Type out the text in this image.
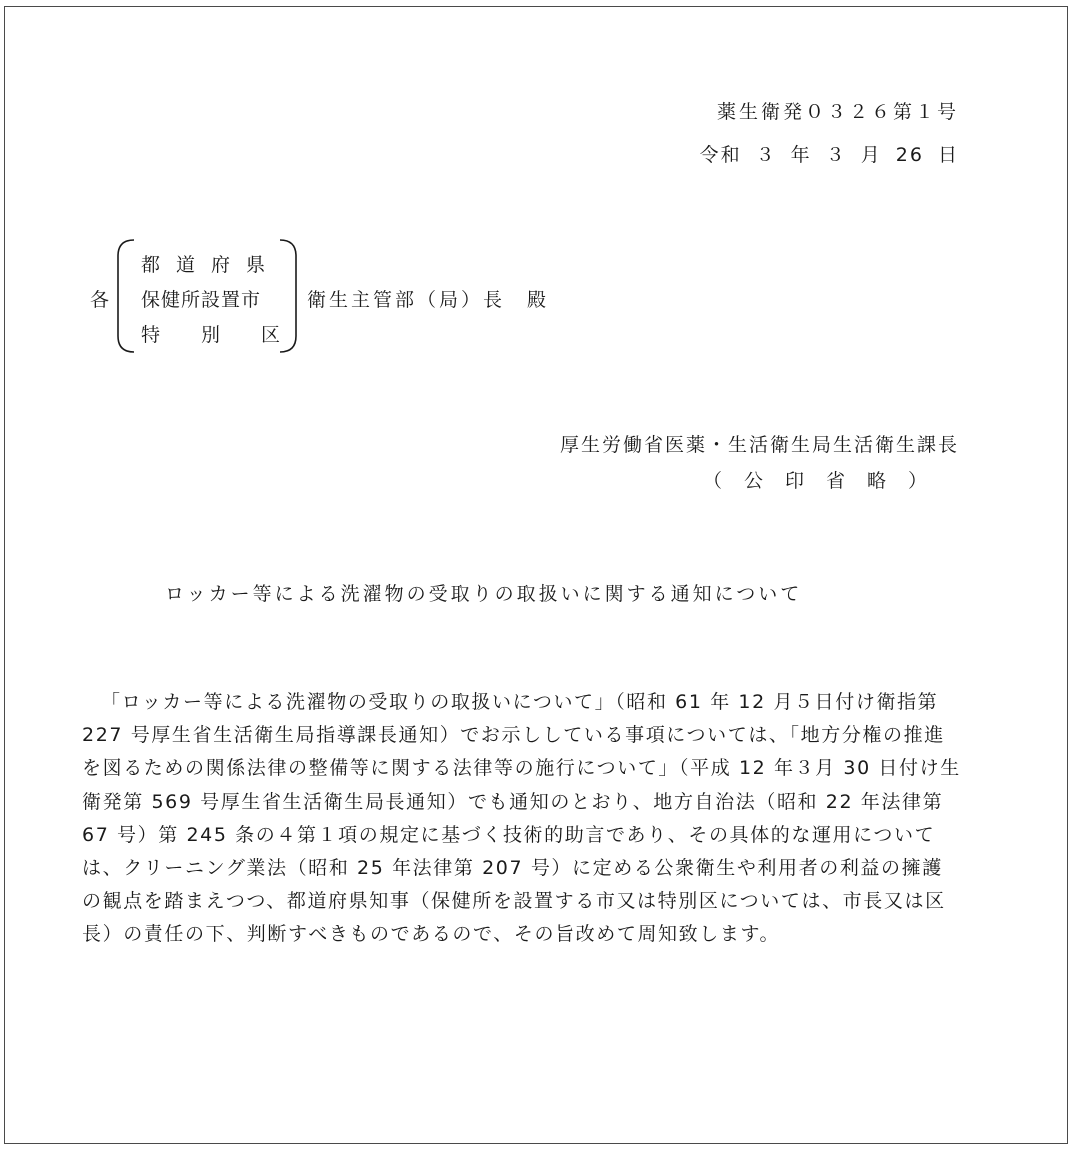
薬生衛発０３２６第１号
令和 ３ 年 ３ 月 26 日
各
都道府県
保健所設置市
特 別 区
衛生主管部（局）長　殿
厚生労働省医薬・生活衛生局生活衛生課長
（公印省略）
ロッカー等による洗濯物の受取りの取扱いに関する通知について

「ロッカー等による洗濯物の受取りの取扱いについて」（昭和 61 年 12 月５日付け衛指第 227 号厚生省生活衛生局指導課長通知）でお示ししている事項については、「地方分権の推進を図るための関係法律の整備等に関する法律等の施行について」（平成 12 年３月 30 日付け生衛発第 569 号厚生省生活衛生局長通知）でも通知のとおり、地方自治法（昭和 22 年法律第 67 号）第 245 条の４第１項の規定に基づく技術的助言であり、その具体的な運用については、クリーニング業法（昭和 25 年法律第 207 号）に定める公衆衛生や利用者の利益の擁護の観点を踏まえつつ、都道府県知事（保健所を設置する市又は特別区については、市長又は区長）の責任の下、判断すべきものであるので、その旨改めて周知致します。
